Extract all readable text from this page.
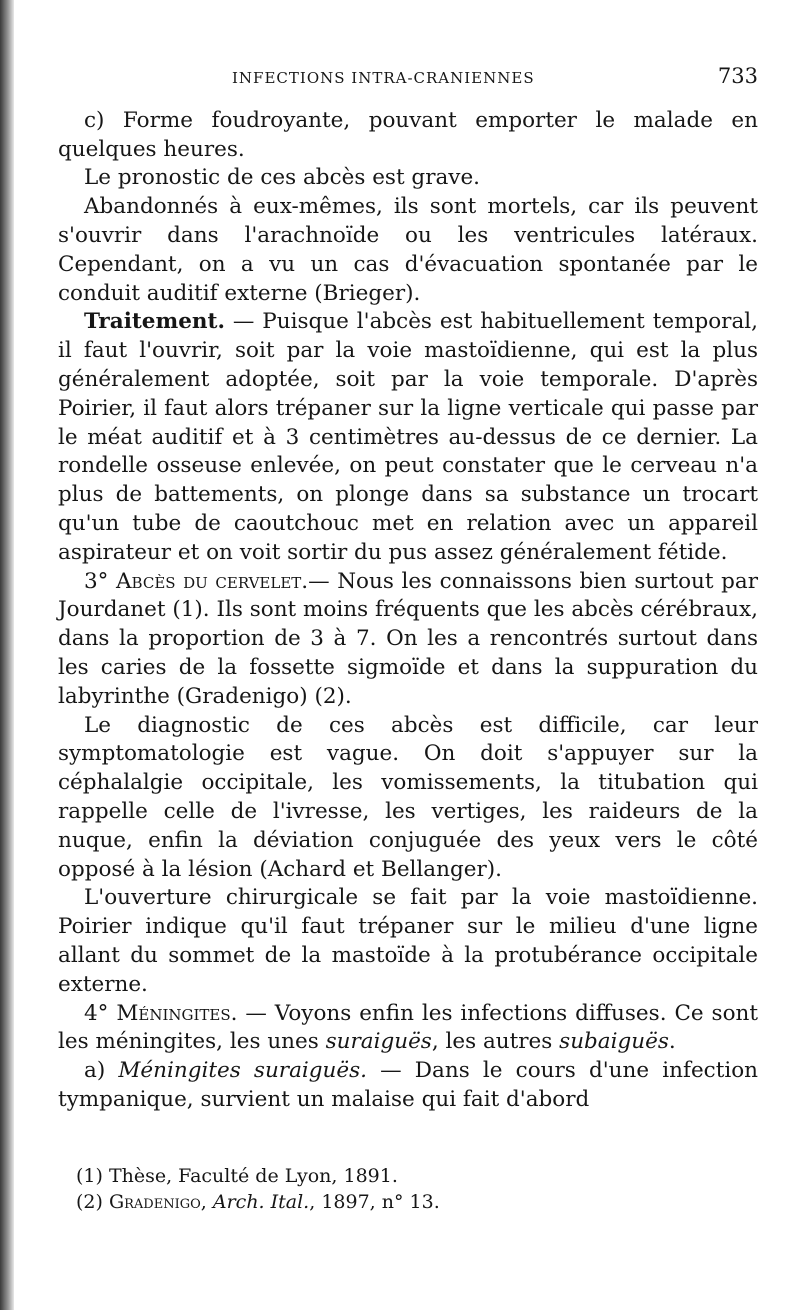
INFECTIONS INTRA-CRANIENNES	733

c) Forme foudroyante, pouvant emporter le malade en quelques heures.

Le pronostic de ces abcès est grave.

Abandonnés à eux-mêmes, ils sont mortels, car ils peuvent s'ouvrir dans l'arachnoïde ou les ventricules latéraux. Cependant, on a vu un cas d'évacuation spontanée par le conduit auditif externe (Brieger).

Traitement. — Puisque l'abcès est habituellement temporal, il faut l'ouvrir, soit par la voie mastoïdienne, qui est la plus généralement adoptée, soit par la voie temporale. D'après Poirier, il faut alors trépaner sur la ligne verticale qui passe par le méat auditif et à 3 centimètres au-dessus de ce dernier. La rondelle osseuse enlevée, on peut constater que le cerveau n'a plus de battements, on plonge dans sa substance un trocart qu'un tube de caoutchouc met en relation avec un appareil aspirateur et on voit sortir du pus assez généralement fétide.

3° Abcès du cervelet.— Nous les connaissons bien surtout par Jourdanet (1). Ils sont moins fréquents que les abcès cérébraux, dans la proportion de 3 à 7. On les a rencontrés surtout dans les caries de la fossette sigmoïde et dans la suppuration du labyrinthe (Gradenigo) (2).

Le diagnostic de ces abcès est difficile, car leur symptomatologie est vague. On doit s'appuyer sur la céphalalgie occipitale, les vomissements, la titubation qui rappelle celle de l'ivresse, les vertiges, les raideurs de la nuque, enfin la déviation conjuguée des yeux vers le côté opposé à la lésion (Achard et Bellanger).

L'ouverture chirurgicale se fait par la voie mastoïdienne. Poirier indique qu'il faut trépaner sur le milieu d'une ligne allant du sommet de la mastoïde à la protubérance occipitale externe.

4° Méningites. — Voyons enfin les infections diffuses. Ce sont les méningites, les unes suraiguës, les autres subaiguës.

a) Méningites suraiguës. — Dans le cours d'une infection tympanique, survient un malaise qui fait d'abord

(1) Thèse, Faculté de Lyon, 1891.

(2) Gradenigo, Arch. Ital., 1897, n° 13.
